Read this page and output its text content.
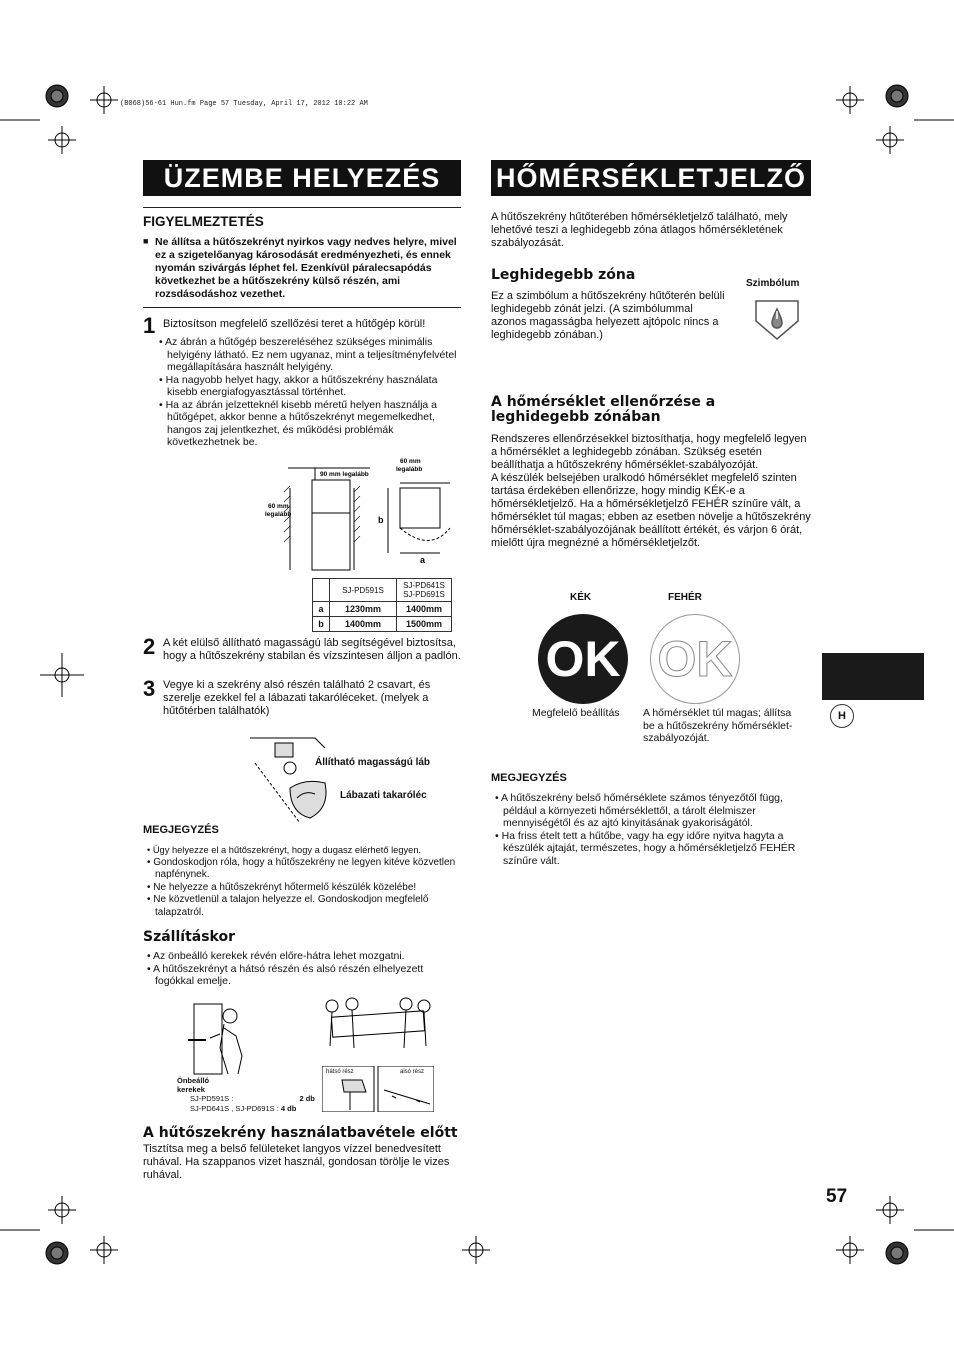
(B068)56-61 Hun.fm Page 57 Tuesday, April 17, 2012 10:22 AM
ÜZEMBE HELYEZÉS
FIGYELMEZTETÉS
■ Ne állítsa a hűtőszekrényt nyirkos vagy nedves helyre, mivel ez a szigetelőanyag károsodását eredményezheti, és ennek nyomán szivárgás léphet fel. Ezenkívül páralecsapódás következhet be a hűtőszekrény külső részén, ami rozsdásodáshoz vezethet.
1 Biztosítson megfelelő szellőzési teret a hűtőgép körül!
• Az ábrán a hűtőgép beszereléséhez szükséges minimális helyigény látható. Ez nem ugyanaz, mint a teljesítményfelvétel megállapítására használt helyigény.
• Ha nagyobb helyet hagy, akkor a hűtőszekrény használata kisebb energiafogyasztással történhet.
• Ha az ábrán jelzetteknél kisebb méretű helyen használja a hűtőgépet, akkor benne a hűtőszekrényt megemelkedhet, hangos zaj jelentkezhet, és működési problémák következhetnek be.
90 mm legalább
60 mm
legalább
60 mm
legalább
a
b
	SJ-PD591S	SJ-PD641S
SJ-PD691S
a	1230mm	1400mm
b	1400mm	1500mm
2 A két elülső állítható magasságú láb segítségével biztosítsa, hogy a hűtőszekrény stabilan és vízszintesen álljon a padlón.
3 Vegye ki a szekrény alsó részén található 2 csavart, és szerelje ezekkel fel a lábazati takaróléceket. (melyek a hűtőtérben találhatók)
Állítható magasságú láb
Lábazati takaróléc
MEGJEGYZÉS
• Úgy helyezze el a hűtőszekrényt, hogy a dugasz elérhető legyen.
• Gondoskodjon róla, hogy a hűtőszekrény ne legyen kitéve közvetlen napfénynek.
• Ne helyezze a hűtőszekrényt hőtermelő készülék közelébe!
• Ne közvetlenül a talajon helyezze el. Gondoskodjon megfelelő talapzatról.
Szállításkor
• Az önbeálló kerekek révén előre-hátra lehet mozgatni.
• A hűtőszekrényt a hátsó részén és alsó részén elhelyezett fogókkal emelje.
Önbeálló
kerekek
SJ-PD591S :	2 db
SJ-PD641S , SJ-PD691S : 4 db
hátsó rész	alsó rész
A hűtőszekrény használatbavétele előtt
Tisztítsa meg a belső felületeket langyos vízzel benedvesített ruhával. Ha szappanos vizet használ, gondosan törölje le vizes ruhával.
HŐMÉRSÉKLETJELZŐ
A hűtőszekrény hűtőterében hőmérsékletjelző található, mely lehetővé teszi a leghidegebb zóna átlagos hőmérsékletének szabályozását.
Leghidegebb zóna
Ez a szimbólum a hűtőszekrény hűtőterén belüli leghidegebb zónát jelzi. (A szimbólummal azonos magasságba helyezett ajtópolc nincs a leghidegebb zónában.)
Szimbólum
A hőmérséklet ellenőrzése a
leghidegebb zónában
Rendszeres ellenőrzésekkel biztosíthatja, hogy megfelelő legyen a hőmérséklet a leghidegebb zónában. Szükség esetén beállíthatja a hűtőszekrény hőmérséklet-szabályozóját.
A készülék belsejében uralkodó hőmérséklet megfelelő szinten tartása érdekében ellenőrizze, hogy mindig KÉK-e a hőmérsékletjelző. Ha a hőmérsékletjelző FEHÉR színűre vált, a hőmérséklet túl magas; ebben az esetben növelje a hűtőszekrény hőmérséklet-szabályozójának beállított értékét, és várjon 6 órát, mielőtt újra megnézné a hőmérsékletjelzőt.
KÉK	FEHÉR
OK OK
Megfelelő beállítás A hőmérséklet túl magas; állítsa be a hűtőszekrény hőmérséklet-szabályozóját.
MEGJEGYZÉS
• A hűtőszekrény belső hőmérséklete számos tényezőtől függ, például a környezeti hőmérséklettől, a tárolt élelmiszer mennyiségétől és az ajtó kinyitásának gyakoriságától.
• Ha friss ételt tett a hűtőbe, vagy ha egy időre nyitva hagyta a készülék ajtaját, természetes, hogy a hőmérsékletjelző FEHÉR színűre vált.
H
57
